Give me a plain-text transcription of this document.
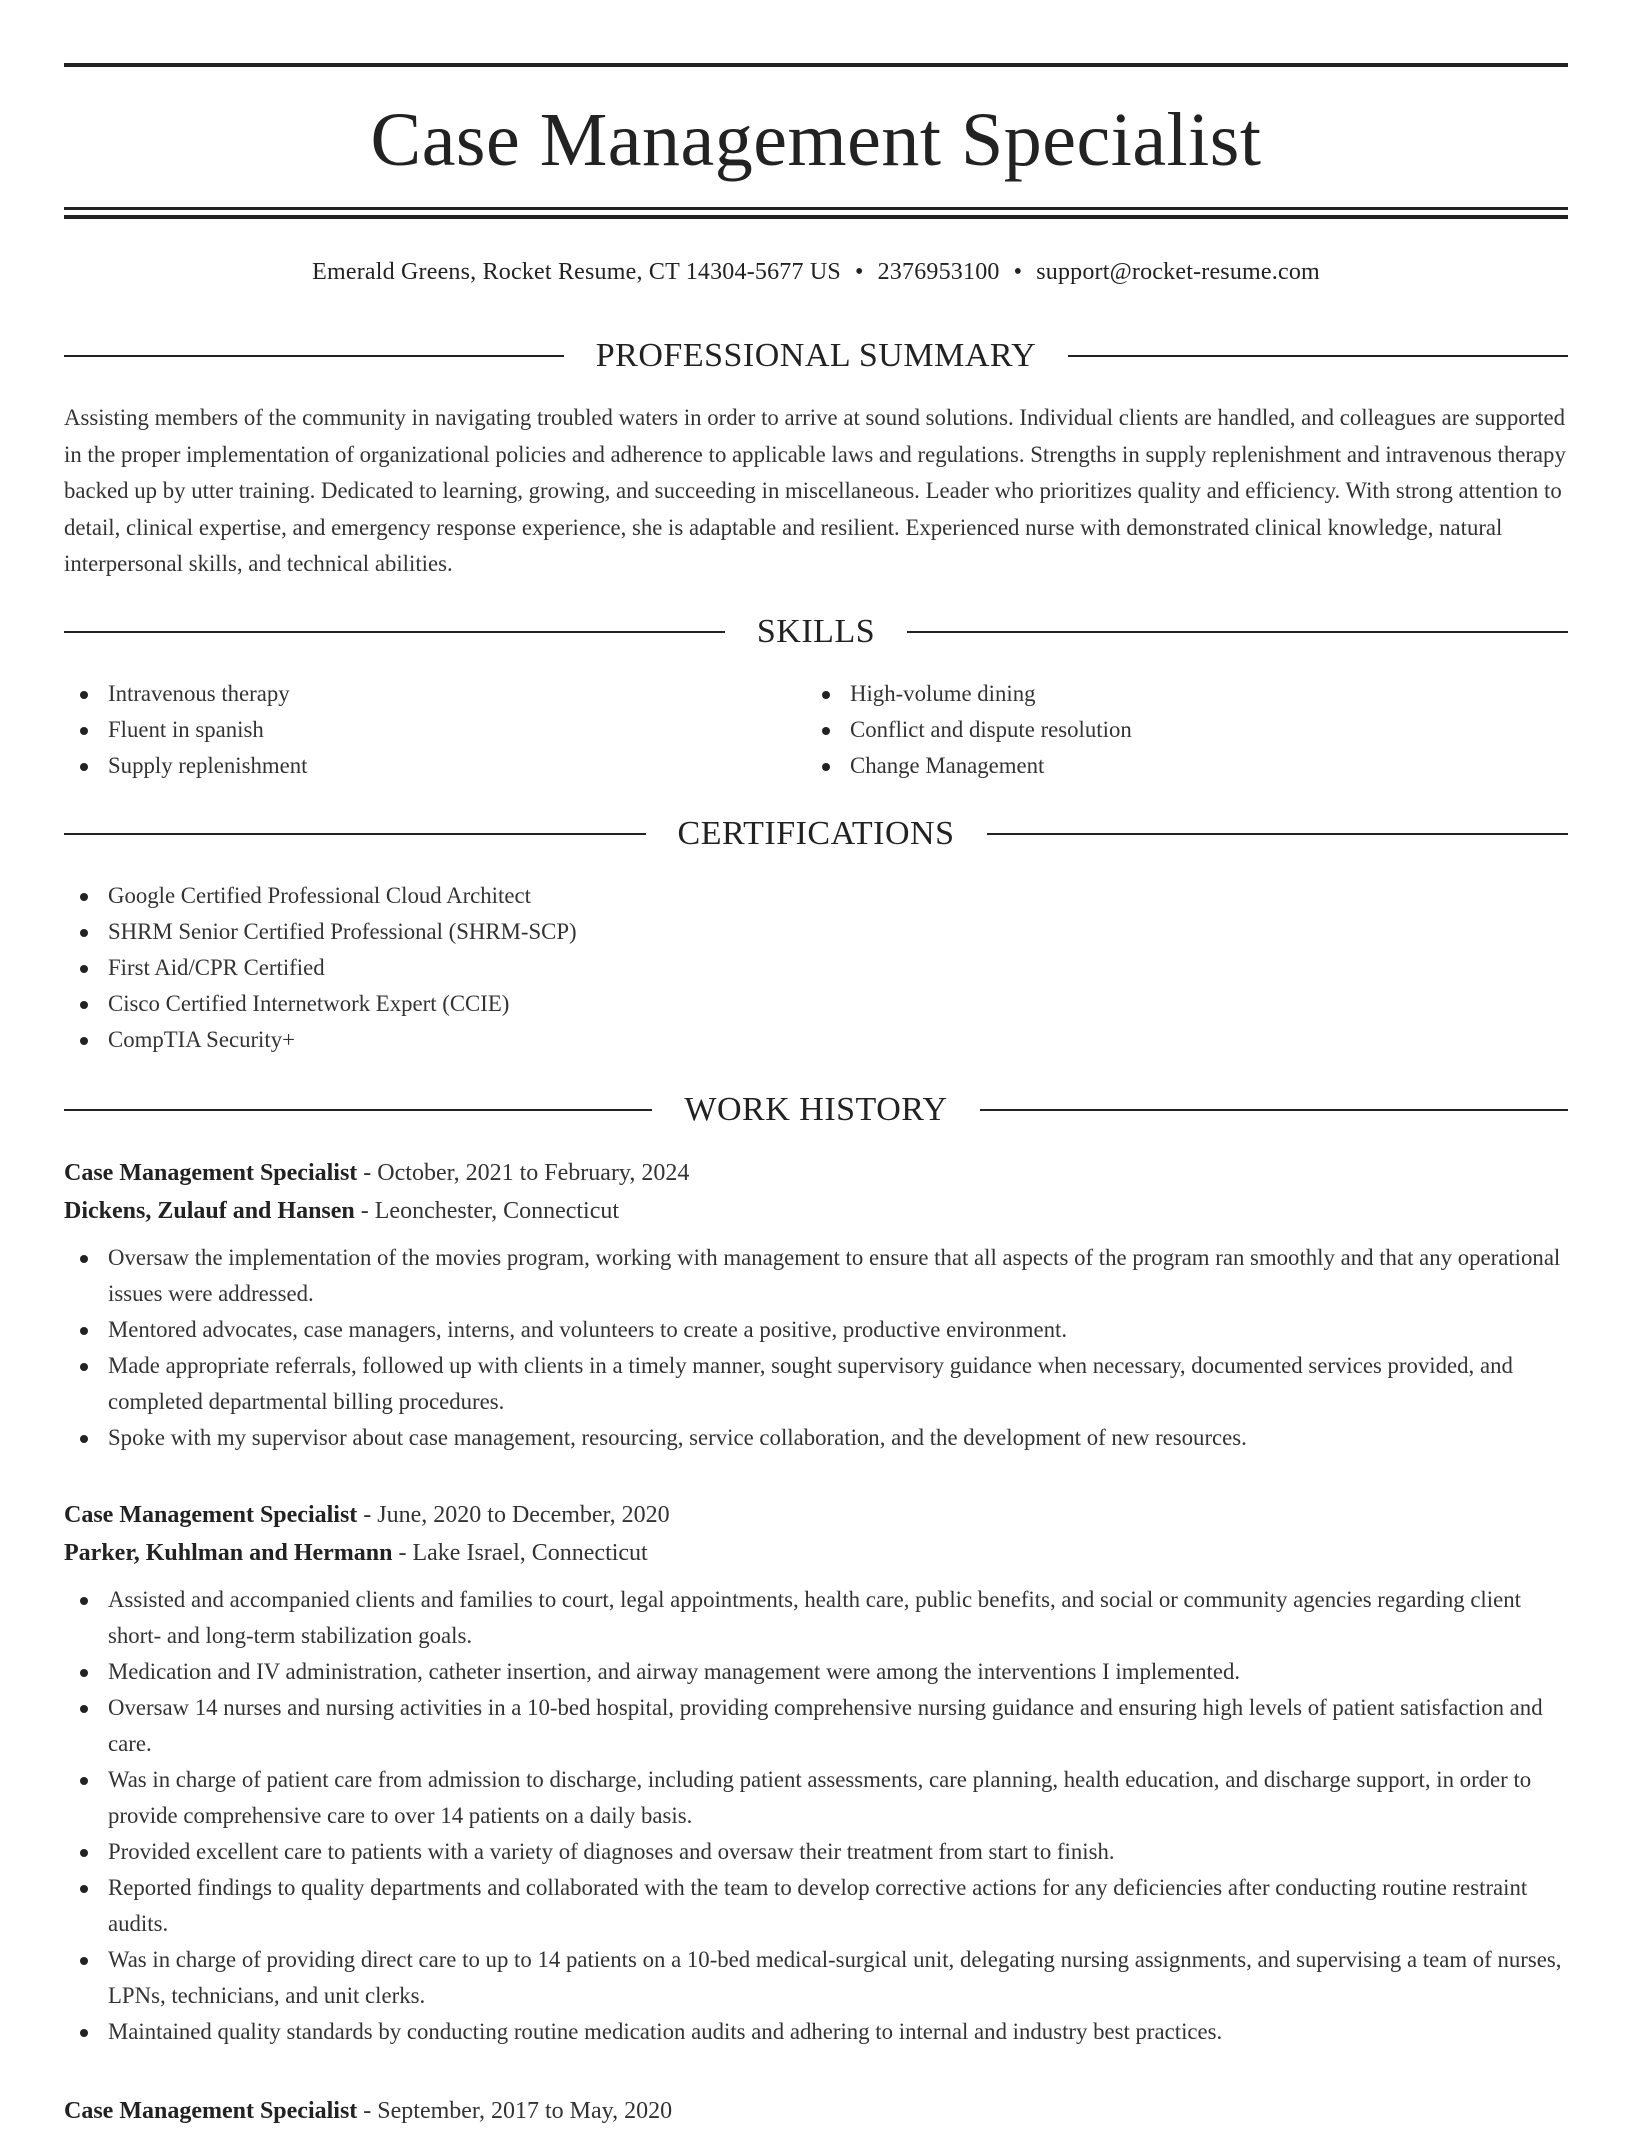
Case Management Specialist
Emerald Greens, Rocket Resume, CT 14304-5677 US • 2376953100 • support@rocket-resume.com
PROFESSIONAL SUMMARY

Assisting members of the community in navigating troubled waters in order to arrive at sound solutions. Individual clients are handled, and colleagues are supported in the proper implementation of organizational policies and adherence to applicable laws and regulations. Strengths in supply replenishment and intravenous therapy backed up by utter training. Dedicated to learning, growing, and succeeding in miscellaneous. Leader who prioritizes quality and efficiency. With strong attention to detail, clinical expertise, and emergency response experience, she is adaptable and resilient. Experienced nurse with demonstrated clinical knowledge, natural interpersonal skills, and technical abilities.

SKILLS
Intravenous therapy
Fluent in spanish
Supply replenishment
High-volume dining
Conflict and dispute resolution
Change Management
CERTIFICATIONS
Google Certified Professional Cloud Architect
SHRM Senior Certified Professional (SHRM-SCP)
First Aid/CPR Certified
Cisco Certified Internetwork Expert (CCIE)
CompTIA Security+
WORK HISTORY
Case Management Specialist - October, 2021 to February, 2024
Dickens, Zulauf and Hansen - Leonchester, Connecticut
Oversaw the implementation of the movies program, working with management to ensure that all aspects of the program ran smoothly and that any operational issues were addressed.
Mentored advocates, case managers, interns, and volunteers to create a positive, productive environment.
Made appropriate referrals, followed up with clients in a timely manner, sought supervisory guidance when necessary, documented services provided, and completed departmental billing procedures.
Spoke with my supervisor about case management, resourcing, service collaboration, and the development of new resources.
Case Management Specialist - June, 2020 to December, 2020
Parker, Kuhlman and Hermann - Lake Israel, Connecticut
Assisted and accompanied clients and families to court, legal appointments, health care, public benefits, and social or community agencies regarding client short- and long-term stabilization goals.
Medication and IV administration, catheter insertion, and airway management were among the interventions I implemented.
Oversaw 14 nurses and nursing activities in a 10-bed hospital, providing comprehensive nursing guidance and ensuring high levels of patient satisfaction and care.
Was in charge of patient care from admission to discharge, including patient assessments, care planning, health education, and discharge support, in order to provide comprehensive care to over 14 patients on a daily basis.
Provided excellent care to patients with a variety of diagnoses and oversaw their treatment from start to finish.
Reported findings to quality departments and collaborated with the team to develop corrective actions for any deficiencies after conducting routine restraint audits.
Was in charge of providing direct care to up to 14 patients on a 10-bed medical-surgical unit, delegating nursing assignments, and supervising a team of nurses, LPNs, technicians, and unit clerks.
Maintained quality standards by conducting routine medication audits and adhering to internal and industry best practices.
Case Management Specialist - September, 2017 to May, 2020
